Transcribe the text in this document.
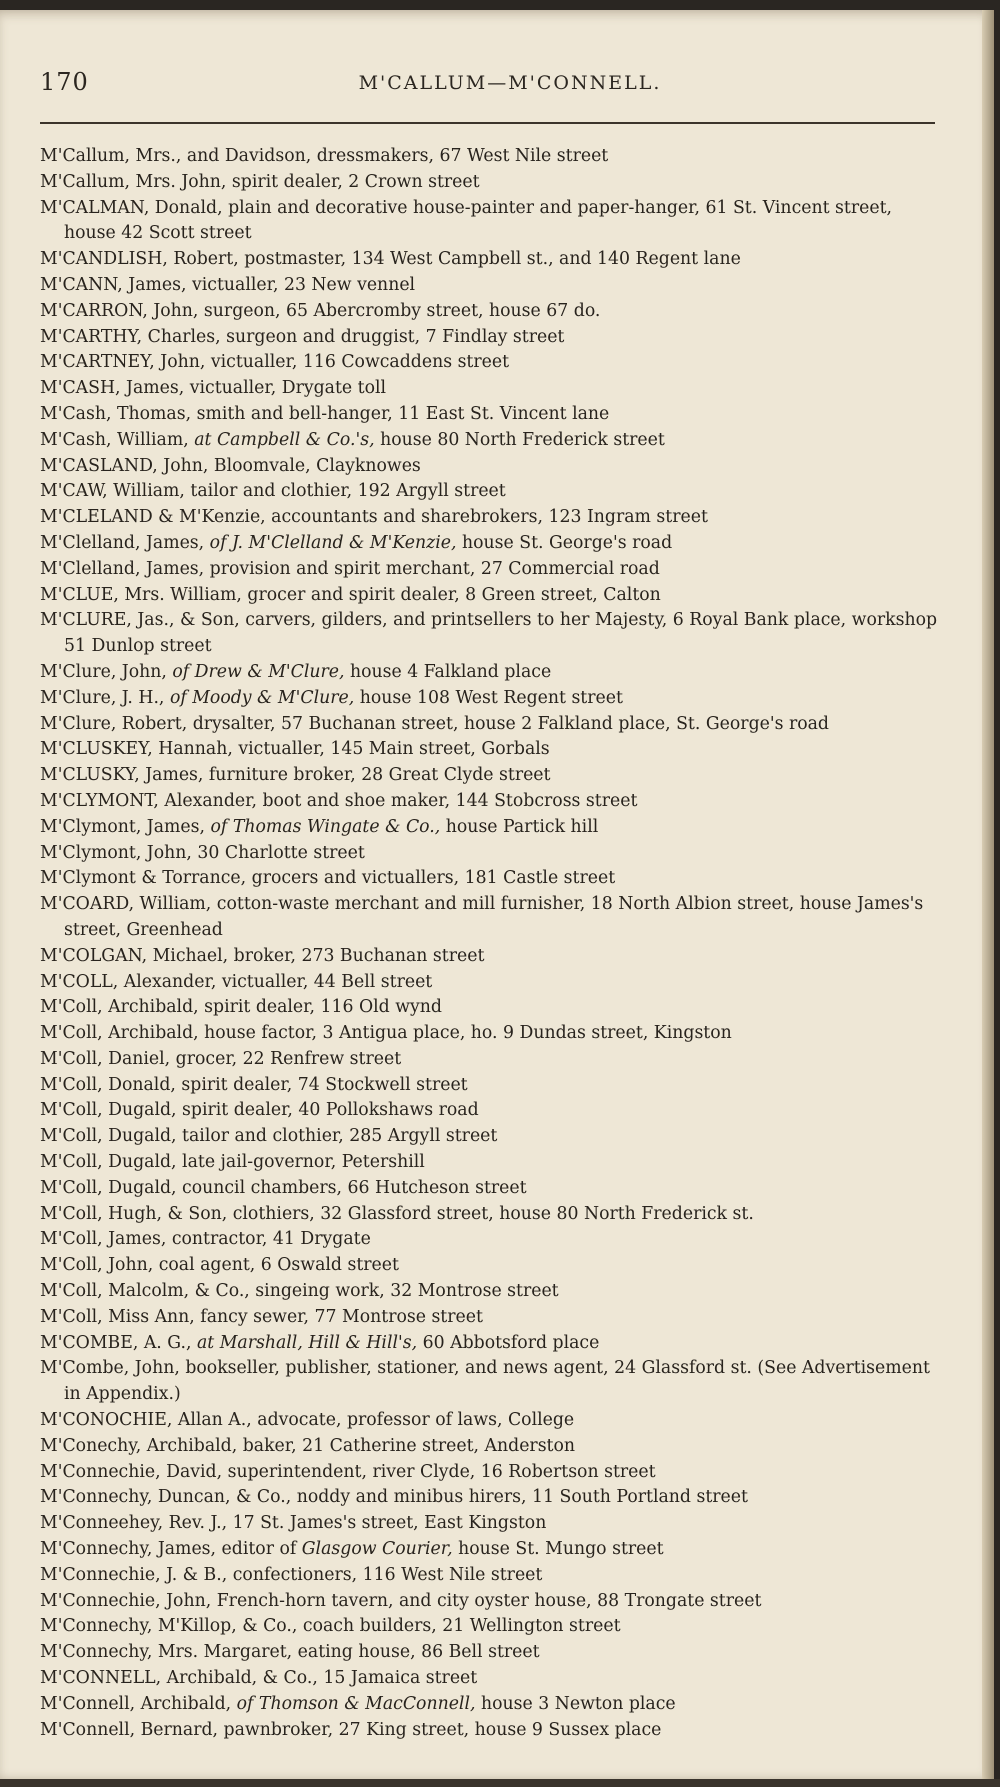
170	M'CALLUM—M'CONNELL.

M'Callum, Mrs., and Davidson, dressmakers, 67 West Nile street

M'Callum, Mrs. John, spirit dealer, 2 Crown street

M'CALMAN, Donald, plain and decorative house-painter and paper-hanger, 61 St. Vincent street, house 42 Scott street

M'CANDLISH, Robert, postmaster, 134 West Campbell st., and 140 Regent lane

M'CANN, James, victualler, 23 New vennel

M'CARRON, John, surgeon, 65 Abercromby street, house 67 do.

M'CARTHY, Charles, surgeon and druggist, 7 Findlay street

M'CARTNEY, John, victualler, 116 Cowcaddens street

M'CASH, James, victualler, Drygate toll

M'Cash, Thomas, smith and bell-hanger, 11 East St. Vincent lane

M'Cash, William, at Campbell & Co.'s, house 80 North Frederick street

M'CASLAND, John, Bloomvale, Clayknowes

M'CAW, William, tailor and clothier, 192 Argyll street

M'CLELAND & M'Kenzie, accountants and sharebrokers, 123 Ingram street

M'Clelland, James, of J. M'Clelland & M'Kenzie, house St. George's road

M'Clelland, James, provision and spirit merchant, 27 Commercial road

M'CLUE, Mrs. William, grocer and spirit dealer, 8 Green street, Calton

M'CLURE, Jas., & Son, carvers, gilders, and printsellers to her Majesty, 6 Royal Bank place, workshop 51 Dunlop street

M'Clure, John, of Drew & M'Clure, house 4 Falkland place

M'Clure, J. H., of Moody & M'Clure, house 108 West Regent street

M'Clure, Robert, drysalter, 57 Buchanan street, house 2 Falkland place, St. George's road

M'CLUSKEY, Hannah, victualler, 145 Main street, Gorbals

M'CLUSKY, James, furniture broker, 28 Great Clyde street

M'CLYMONT, Alexander, boot and shoe maker, 144 Stobcross street

M'Clymont, James, of Thomas Wingate & Co., house Partick hill

M'Clymont, John, 30 Charlotte street

M'Clymont & Torrance, grocers and victuallers, 181 Castle street

M'COARD, William, cotton-waste merchant and mill furnisher, 18 North Albion street, house James's street, Greenhead

M'COLGAN, Michael, broker, 273 Buchanan street

M'COLL, Alexander, victualler, 44 Bell street

M'Coll, Archibald, spirit dealer, 116 Old wynd

M'Coll, Archibald, house factor, 3 Antigua place, ho. 9 Dundas street, Kingston

M'Coll, Daniel, grocer, 22 Renfrew street

M'Coll, Donald, spirit dealer, 74 Stockwell street

M'Coll, Dugald, spirit dealer, 40 Pollokshaws road

M'Coll, Dugald, tailor and clothier, 285 Argyll street

M'Coll, Dugald, late jail-governor, Petershill

M'Coll, Dugald, council chambers, 66 Hutcheson street

M'Coll, Hugh, & Son, clothiers, 32 Glassford street, house 80 North Frederick st.

M'Coll, James, contractor, 41 Drygate

M'Coll, John, coal agent, 6 Oswald street

M'Coll, Malcolm, & Co., singeing work, 32 Montrose street

M'Coll, Miss Ann, fancy sewer, 77 Montrose street

M'COMBE, A. G., at Marshall, Hill & Hill's, 60 Abbotsford place

M'Combe, John, bookseller, publisher, stationer, and news agent, 24 Glassford st. (See Advertisement in Appendix.)

M'CONOCHIE, Allan A., advocate, professor of laws, College

M'Conechy, Archibald, baker, 21 Catherine street, Anderston

M'Connechie, David, superintendent, river Clyde, 16 Robertson street

M'Connechy, Duncan, & Co., noddy and minibus hirers, 11 South Portland street

M'Conneehey, Rev. J., 17 St. James's street, East Kingston

M'Connechy, James, editor of Glasgow Courier, house St. Mungo street

M'Connechie, J. & B., confectioners, 116 West Nile street

M'Connechie, John, French-horn tavern, and city oyster house, 88 Trongate street

M'Connechy, M'Killop, & Co., coach builders, 21 Wellington street

M'Connechy, Mrs. Margaret, eating house, 86 Bell street

M'CONNELL, Archibald, & Co., 15 Jamaica street

M'Connell, Archibald, of Thomson & MacConnell, house 3 Newton place

M'Connell, Bernard, pawnbroker, 27 King street, house 9 Sussex place
